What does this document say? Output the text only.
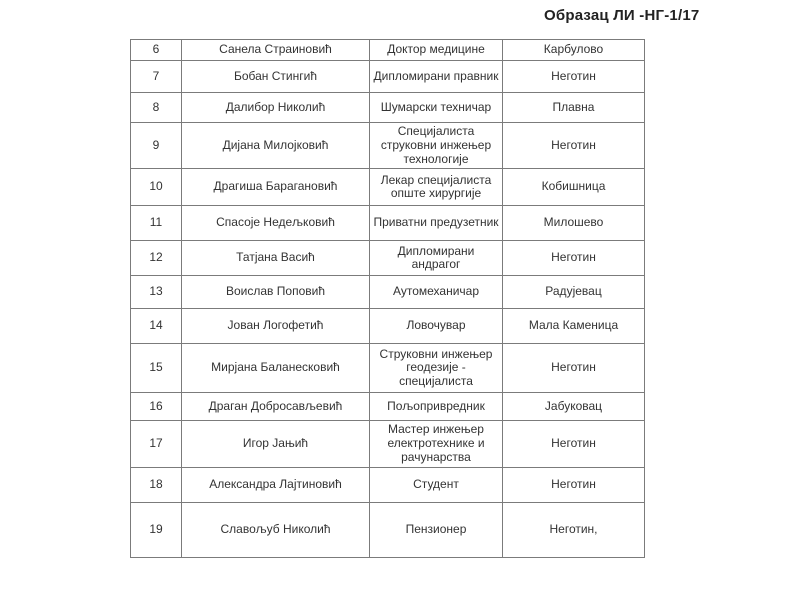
Образац ЛИ -НГ-1/17
6	Санела Страиновић	Доктор медицине	Карбулово
7	Бобан Стингић	Дипломирани правник	Неготин
8	Далибор Николић	Шумарски техничар	Плавна
9	Дијана Милојковић	Специјалиста струковни инжењер технологије	Неготин
10	Драгиша Барагановић	Лекар специјалиста опште хирургије	Кобишница
11	Спасоје Недељковић	Приватни предузетник	Милошево
12	Татјана Васић	Дипломирани андрагог	Неготин
13	Воислав Поповић	Аутомеханичар	Радујевац
14	Јован Логофетић	Ловочувар	Мала Каменица
15	Мирјана Баланесковић	Струковни инжењер геодезије - специјалиста	Неготин
16	Драган Добросављевић	Пољопривредник	Јабуковац
17	Игор Јањић	Мастер инжењер електротехнике и рачунарства	Неготин
18	Александра Лајтиновић	Студент	Неготин
19	Славољуб Николић	Пензионер	Неготин,
